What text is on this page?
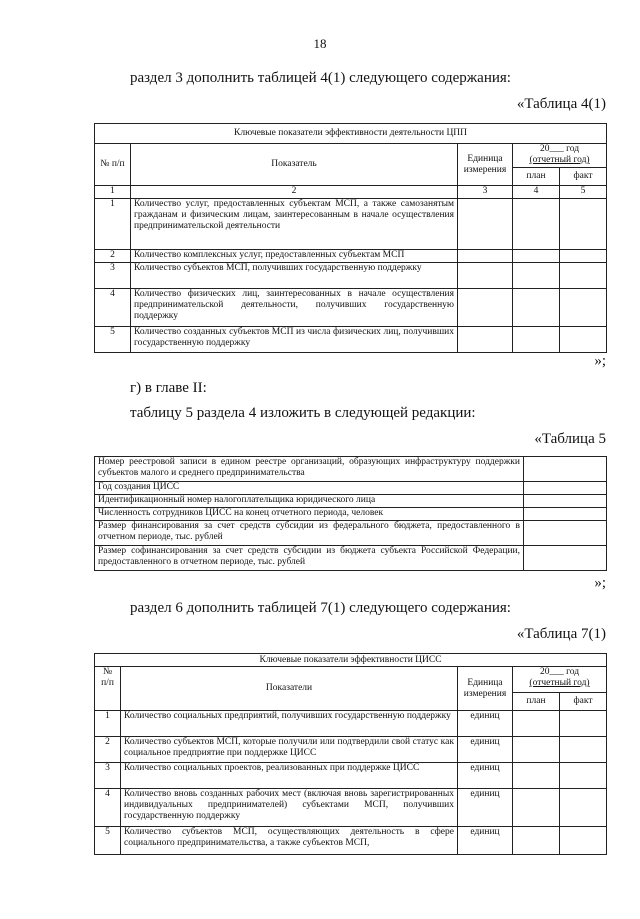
18
раздел 3 дополнить таблицей 4(1) следующего содержания:
«Таблица 4(1)
Ключевые показатели эффективности деятельности ЦПП				
№ п/п	Показатель	Единица измерения	20___ год
(отчетный год)	

			план	факт
1	2	3	4	5
1	Количество услуг, предоставленных субъектам МСП, а также самозанятым гражданам и физическим лицам, заинтересованным в начале осуществления предпринимательской деятельности			
2	Количество комплексных услуг, предоставленных субъектам МСП			
3	Количество субъектов МСП, получивших государственную поддержку			
4	Количество физических лиц, заинтересованных в начале осуществления предпринимательской деятельности, получивших государственную поддержку			
5	Количество созданных субъектов МСП из числа физических лиц, получивших государственную поддержку			
»;
г) в главе II:
таблицу 5 раздела 4 изложить в следующей редакции:
«Таблица 5
Номер реестровой записи в едином реестре организаций, образующих инфраструктуру поддержки субъектов малого и среднего предпринимательства	
Год создания ЦИСС	
Идентификационный номер налогоплательщика юридического лица	
Численность сотрудников ЦИСС на конец отчетного периода, человек	
Размер финансирования за счет средств субсидии из федерального бюджета, предоставленного в отчетном периоде, тыс. рублей	
Размер софинансирования за счет средств субсидии из бюджета субъекта Российской Федерации, предоставленного в отчетном периоде, тыс. рублей	
»;
раздел 6 дополнить таблицей 7(1) следующего содержания:
«Таблица 7(1)
Ключевые показатели эффективности ЦИСС				
№ п/п	Показатели	Единица измерения	20___ год
(отчетный год)	

			план	факт
1	Количество социальных предприятий, получивших государственную поддержку	единиц		
2	Количество субъектов МСП, которые получили или подтвердили свой статус как социальное предприятие при поддержке ЦИСС	единиц		
3	Количество социальных проектов, реализованных при поддержке ЦИСС	единиц		
4	Количество вновь созданных рабочих мест (включая вновь зарегистрированных индивидуальных предпринимателей) субъектами МСП, получивших государственную поддержку	единиц		
5	Количество субъектов МСП, осуществляющих деятельность в сфере социального предпринимательства, а также субъектов МСП,	единиц		
